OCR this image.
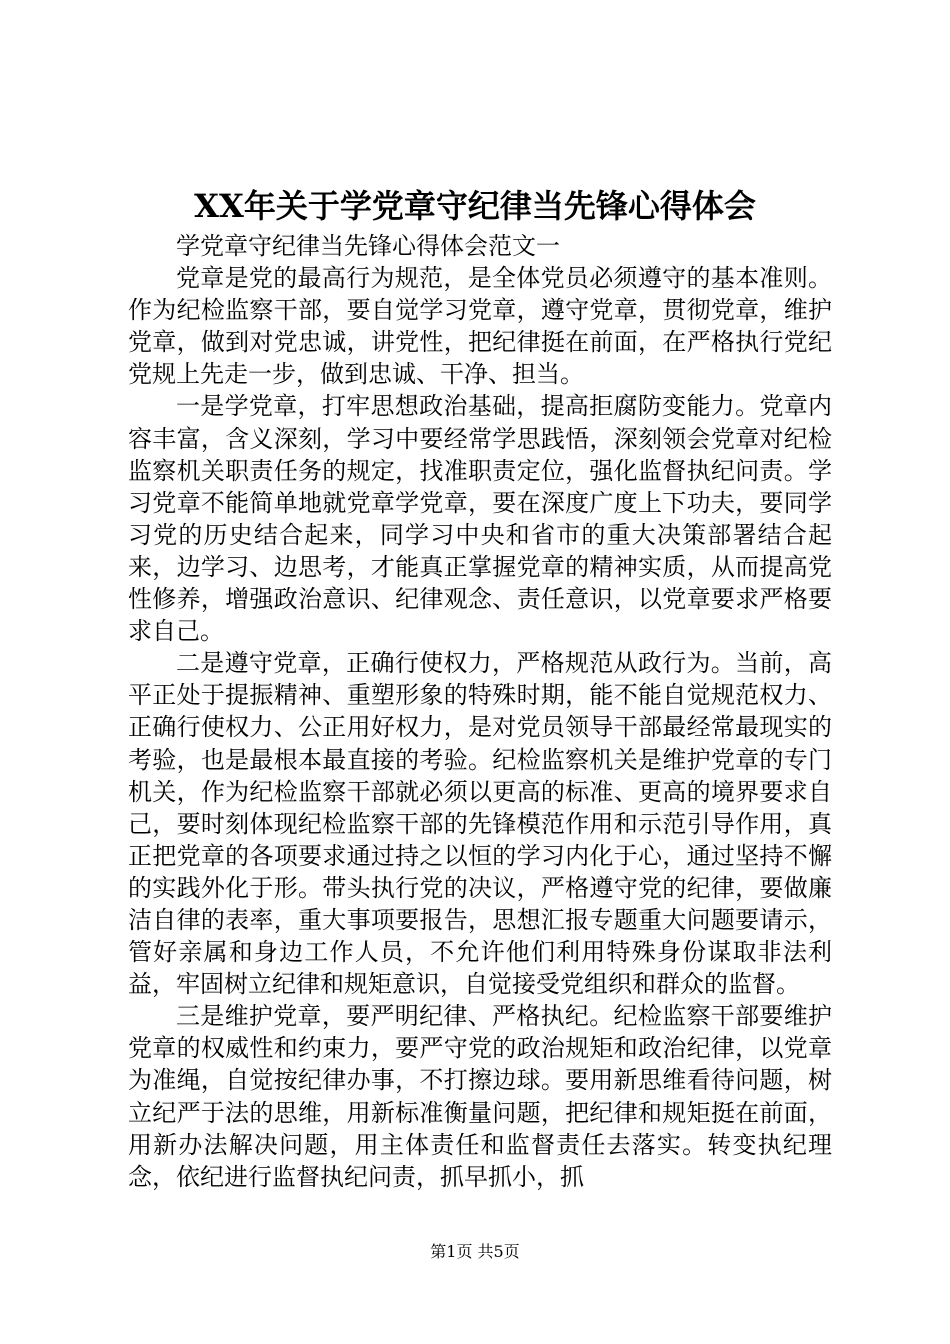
XX年关于学党章守纪律当先锋心得体会

学党章守纪律当先锋心得体会范文一

党章是党的最高行为规范，是全体党员必须遵守的基本准则。作为纪检监察干部，要自觉学习党章，遵守党章，贯彻党章，维护党章，做到对党忠诚，讲党性，把纪律挺在前面，在严格执行党纪党规上先走一步，做到忠诚、干净、担当。

一是学党章，打牢思想政治基础，提高拒腐防变能力。党章内容丰富，含义深刻，学习中要经常学思践悟，深刻领会党章对纪检监察机关职责任务的规定，找准职责定位，强化监督执纪问责。学习党章不能简单地就党章学党章，要在深度广度上下功夫，要同学习党的历史结合起来，同学习中央和省市的重大决策部署结合起来，边学习、边思考，才能真正掌握党章的精神实质，从而提高党性修养，增强政治意识、纪律观念、责任意识，以党章要求严格要求自己。

二是遵守党章，正确行使权力，严格规范从政行为。当前，高平正处于提振精神、重塑形象的特殊时期，能不能自觉规范权力、正确行使权力、公正用好权力，是对党员领导干部最经常最现实的考验，也是最根本最直接的考验。纪检监察机关是维护党章的专门机关，作为纪检监察干部就必须以更高的标准、更高的境界要求自己，要时刻体现纪检监察干部的先锋模范作用和示范引导作用，真正把党章的各项要求通过持之以恒的学习内化于心，通过坚持不懈的实践外化于形。带头执行党的决议，严格遵守党的纪律，要做廉洁自律的表率，重大事项要报告，思想汇报专题重大问题要请示，管好亲属和身边工作人员，不允许他们利用特殊身份谋取非法利益，牢固树立纪律和规矩意识，自觉接受党组织和群众的监督。

三是维护党章，要严明纪律、严格执纪。纪检监察干部要维护党章的权威性和约束力，要严守党的政治规矩和政治纪律，以党章为准绳，自觉按纪律办事，不打擦边球。要用新思维看待问题，树立纪严于法的思维，用新标准衡量问题，把纪律和规矩挺在前面，用新办法解决问题，用主体责任和监督责任去落实。转变执纪理念，依纪进行监督执纪问责，抓早抓小，抓

第1页 共5页
